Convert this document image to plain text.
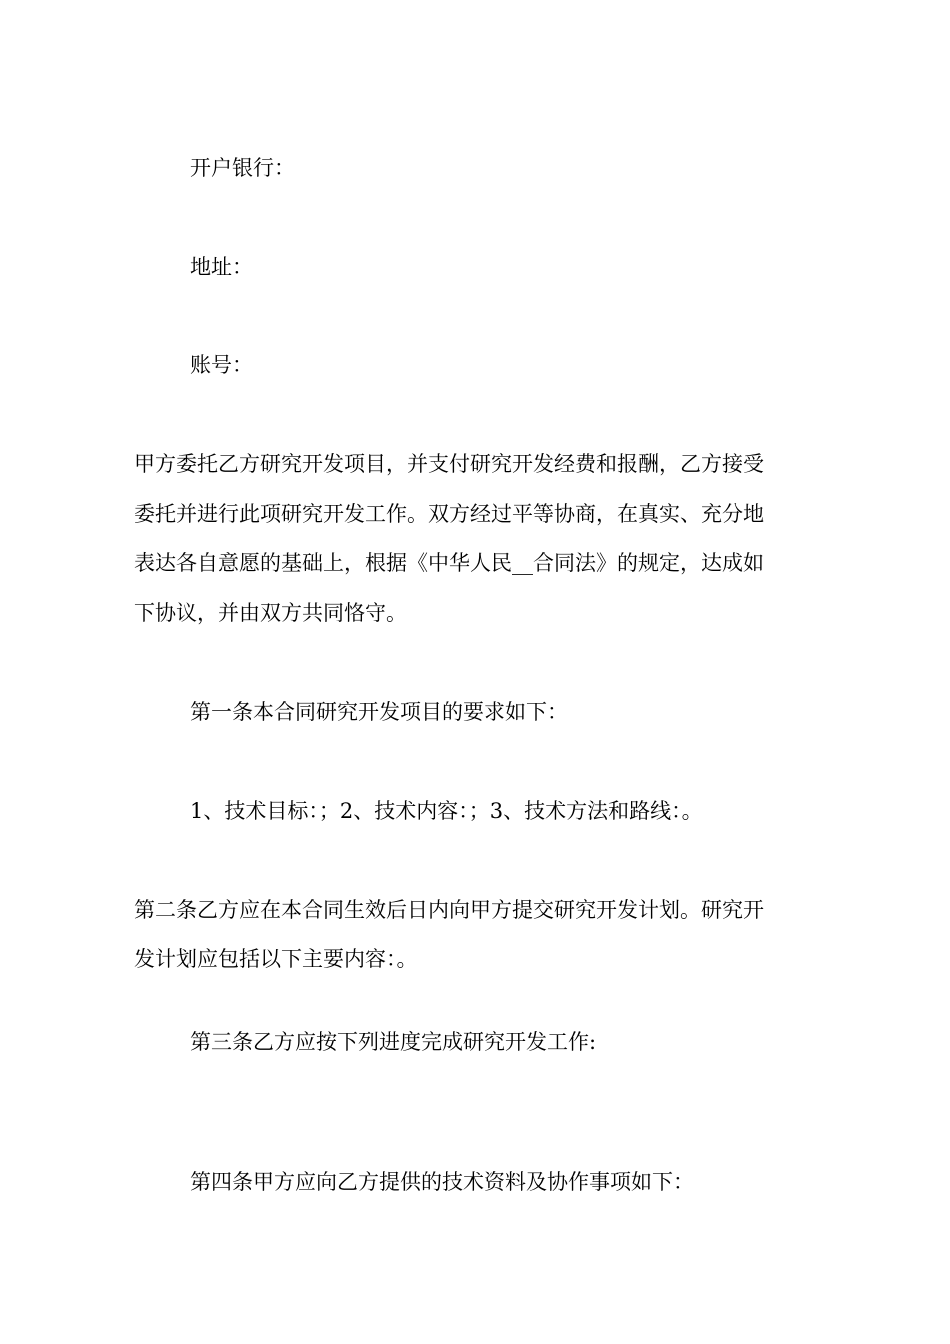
开户银行：

地址：

账号：

甲方委托乙方研究开发项目，并支付研究开发经费和报酬，乙方接受

委托并进行此项研究开发工作。双方经过平等协商，在真实、充分地

表达各自意愿的基础上，根据《中华人民__合同法》的规定，达成如

下协议，并由双方共同恪守。

第一条本合同研究开发项目的要求如下：

1、技术目标：；2、技术内容：；3、技术方法和路线：。

第二条乙方应在本合同生效后日内向甲方提交研究开发计划。研究开

发计划应包括以下主要内容：。

第三条乙方应按下列进度完成研究开发工作:

第四条甲方应向乙方提供的技术资料及协作事项如下：
